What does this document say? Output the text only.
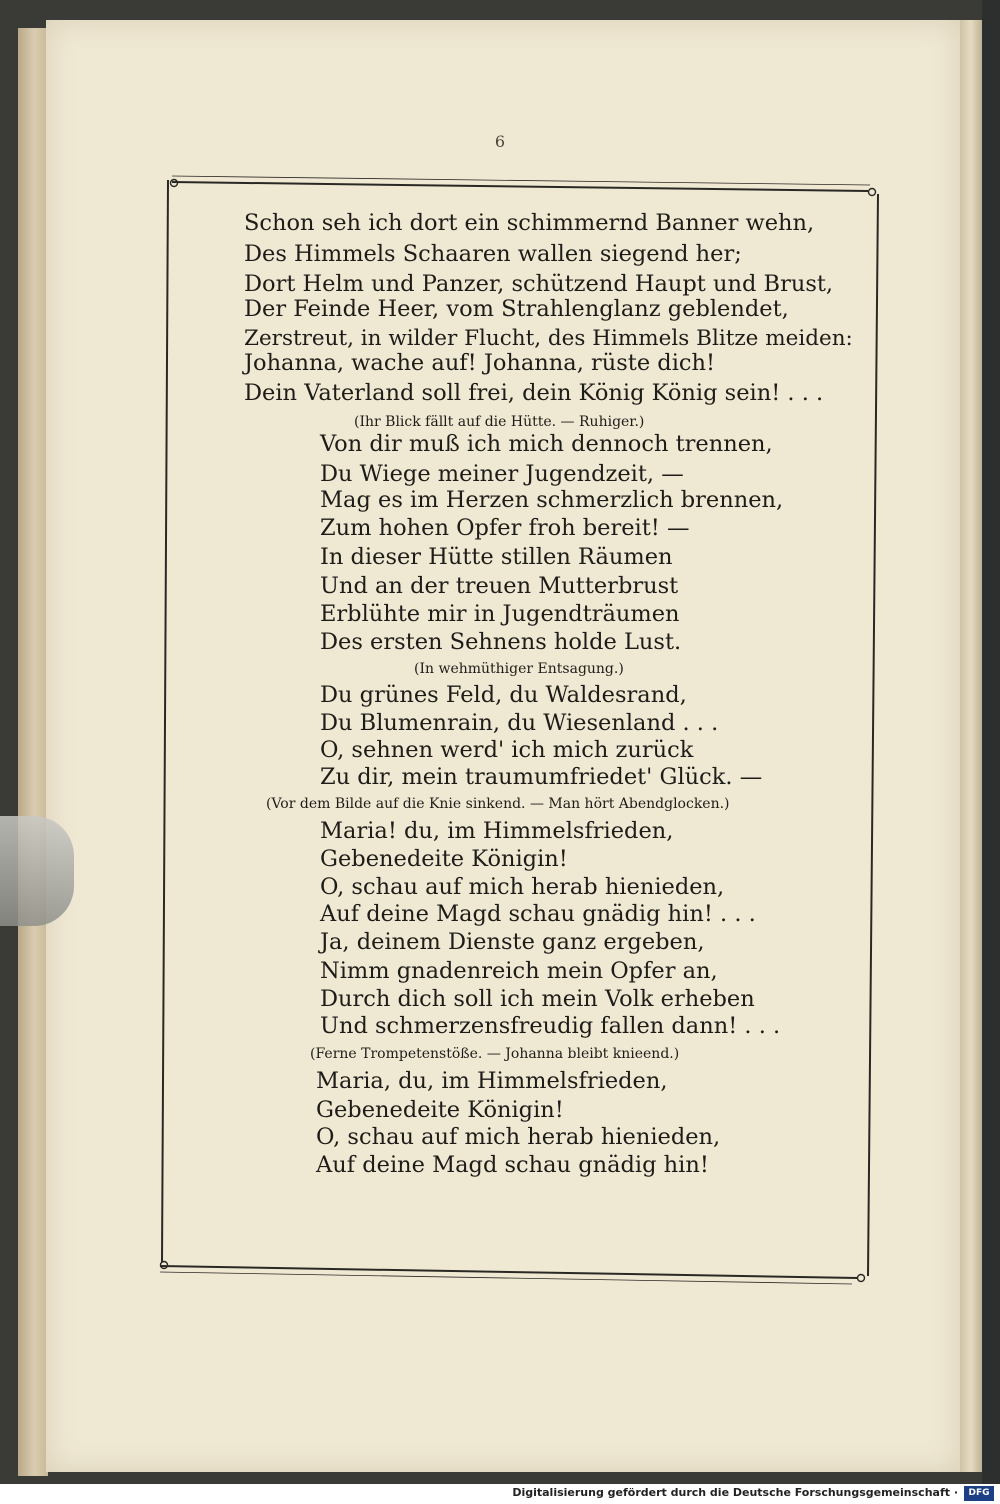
6
Schon seh ich dort ein schimmernd Banner wehn,
Des Himmels Schaaren wallen siegend her;
Dort Helm und Panzer, schützend Haupt und Brust,
Der Feinde Heer, vom Strahlenglanz geblendet,
Zerstreut, in wilder Flucht, des Himmels Blitze meiden:
Johanna, wache auf! Johanna, rüste dich!
Dein Vaterland soll frei, dein König König sein! . . .
(Ihr Blick fällt auf die Hütte. — Ruhiger.)
Von dir muß ich mich dennoch trennen,
Du Wiege meiner Jugendzeit, —
Mag es im Herzen schmerzlich brennen,
Zum hohen Opfer froh bereit! —
In dieser Hütte stillen Räumen
Und an der treuen Mutterbrust
Erblühte mir in Jugendträumen
Des ersten Sehnens holde Lust.
(In wehmüthiger Entsagung.)
Du grünes Feld, du Waldesrand,
Du Blumenrain, du Wiesenland . . .
O, sehnen werd' ich mich zurück
Zu dir, mein traumumfriedet' Glück. —
(Vor dem Bilde auf die Knie sinkend. — Man hört Abendglocken.)
Maria! du, im Himmelsfrieden,
Gebenedeite Königin!
O, schau auf mich herab hienieden,
Auf deine Magd schau gnädig hin! . . .
Ja, deinem Dienste ganz ergeben,
Nimm gnadenreich mein Opfer an,
Durch dich soll ich mein Volk erheben
Und schmerzensfreudig fallen dann! . . .
(Ferne Trompetenstöße. — Johanna bleibt knieend.)
Maria, du, im Himmelsfrieden,
Gebenedeite Königin!
O, schau auf mich herab hienieden,
Auf deine Magd schau gnädig hin!
Digitalisierung gefördert durch die Deutsche Forschungsgemeinschaft ·	DFG
